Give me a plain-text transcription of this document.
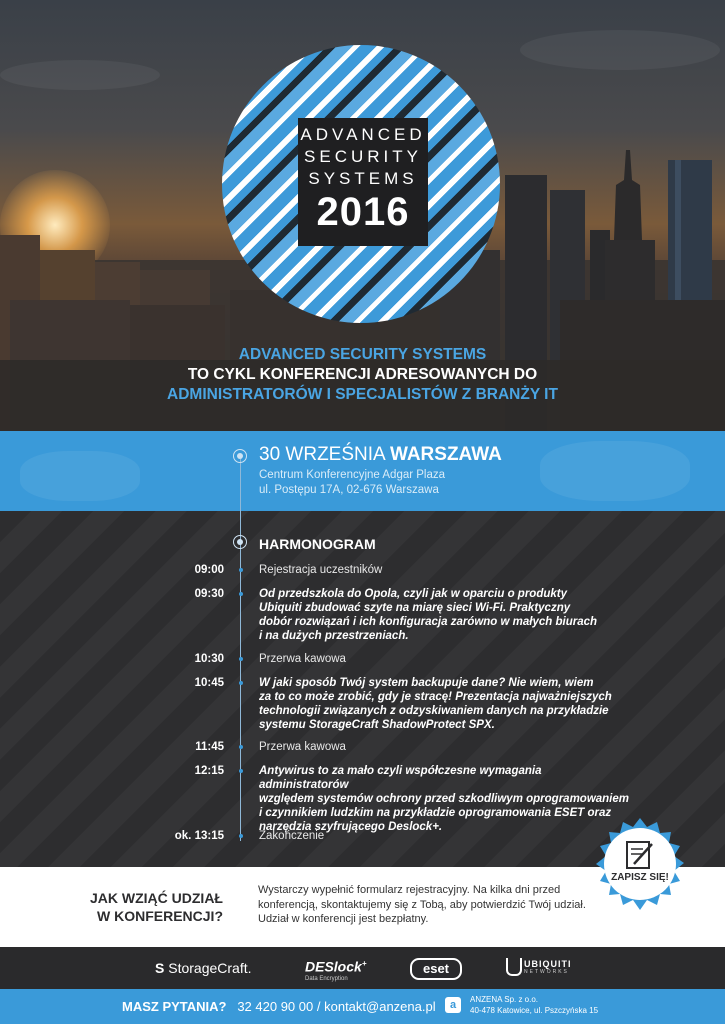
ADVANCED
SECURITY
SYSTEMS
2016
ADVANCED SECURITY SYSTEMS
TO CYKL KONFERENCJI ADRESOWANYCH DO
ADMINISTRATORÓW I SPECJALISTÓW Z BRANŻY IT
30 WRZEŚNIA WARSZAWA
Centrum Konferencyjne Adgar Plaza
ul. Postępu 17A, 02-676 Warszawa
HARMONOGRAM
09:00	Rejestracja uczestników
09:30	Od przedszkola do Opola, czyli jak w oparciu o produkty
Ubiquiti zbudować szyte na miarę sieci Wi-Fi. Praktyczny
dobór rozwiązań i ich konfiguracja zarówno w małych biurach
i na dużych przestrzeniach.
10:30	Przerwa kawowa
10:45	W jaki sposób Twój system backupuje dane? Nie wiem, wiem
za to co może zrobić, gdy je stracę! Prezentacja najważniejszych
technologii związanych z odzyskiwaniem danych na przykładzie
systemu StorageCraft ShadowProtect SPX.
11:45	Przerwa kawowa
12:15	Antywirus to za mało czyli współczesne wymagania administratorów
względem systemów ochrony przed szkodliwym oprogramowaniem
i czynnikiem ludzkim na przykładzie oprogramowania ESET oraz
narzędzia szyfrującego Deslock+.
ok. 13:15	Zakończenie
JAK WZIĄĆ UDZIAŁ
W KONFERENCJI?
Wystarczy wypełnić formularz rejestracyjny. Na kilka dni przed
konferencją, skontaktujemy się z Tobą, aby potwierdzić Twój udział.
Udział w konferencji jest bezpłatny.
ZAPISZ SIĘ!
S StorageCraft.	DESlock+
Data Encryption
eset	UBIQUITI
NETWORKS
MASZ PYTANIA? 32 420 90 00 / kontakt@anzena.pl	a	ANZENA Sp. z o.o.
40-478 Katowice, ul. Pszczyńska 15
